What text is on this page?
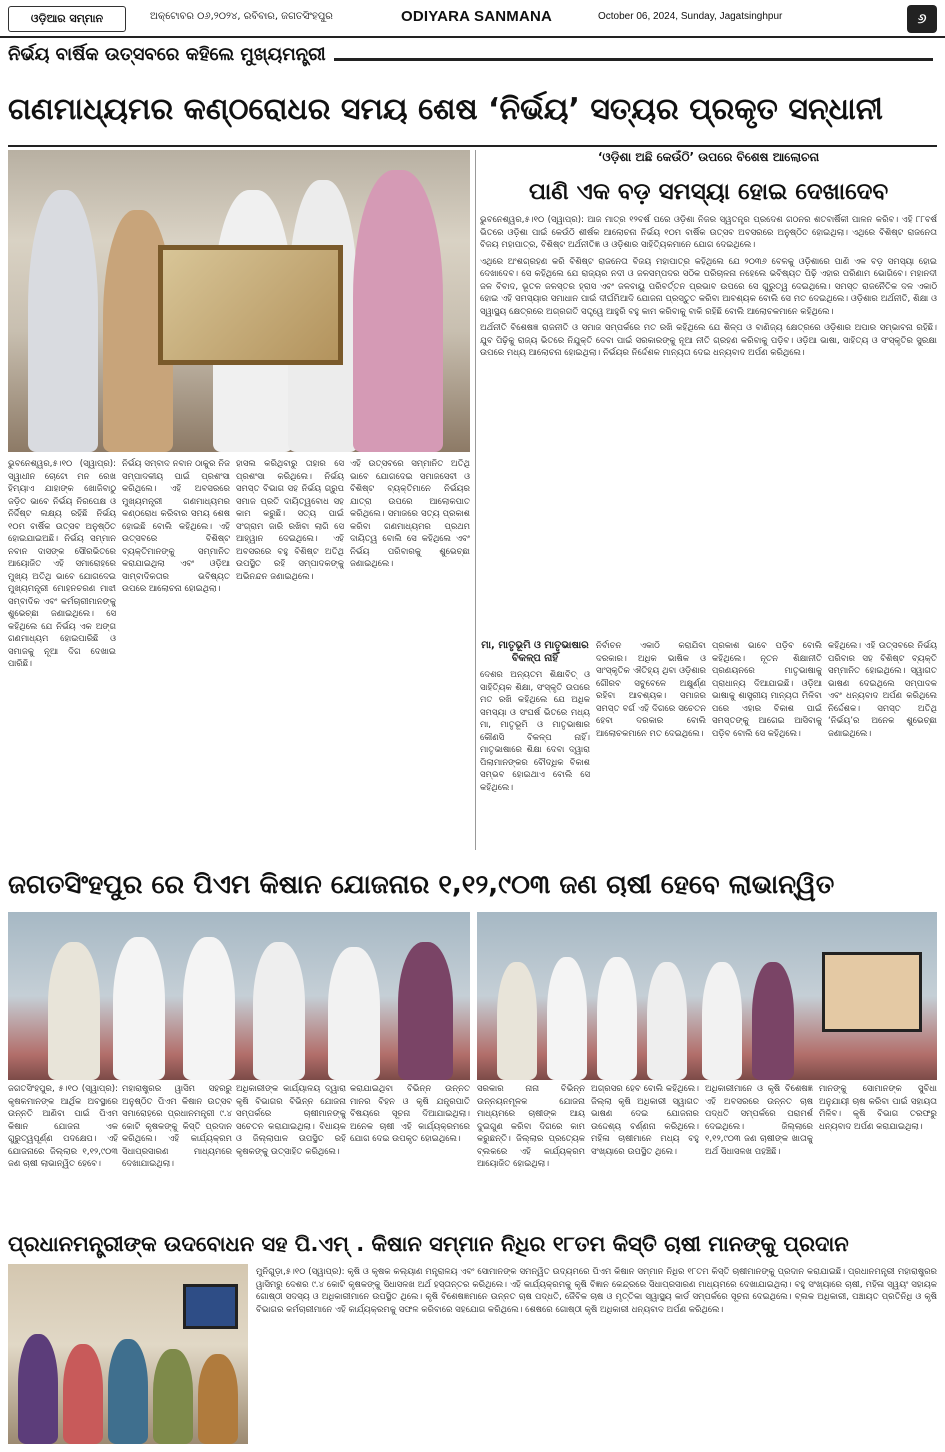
ଓଡ଼ିଆର ସମ୍ମାନ	ଅକ୍ଟୋବର ୦୬,୨୦୨୪, ରବିବାର, ଜଗତସିଂହପୁର	ODIYARA SANMANA	October 06, 2024, Sunday, Jagatsinghpur	୬
ନିର୍ଭୟ ବାର୍ଷିକ ଉତ୍ସବରେ କହିଲେ ମୁଖ୍ୟମନ୍ତ୍ରୀ
ଗଣମାଧ୍ୟମର କଣ୍ଠରୋଧର ସମୟ ଶେଷ ‘ନିର୍ଭୟ’ ସତ୍ୟର ପ୍ରକୃତ ସନ୍ଧାନୀ
ଭୁବନେଶ୍ୱର,୫।୧୦ (ସ୍ୱାପ୍ର): ସ୍ୱାଧୀନ ଚୋଟୋ ମନ ରେଖ ହିମ୍ୟାଏ ଯାହାଙ୍କ ଖୋଜିବାଠୁ ଜଡ଼ିତ ଭାବେ ନିର୍ଭୟ ନିରପେକ୍ଷ ଓ ନିର୍ଦ୍ଦିଷ୍ଟ ଲକ୍ଷ୍ୟ ରହିଛି ନିର୍ଭୟ ୧୦ମ ବାର୍ଷିକ ଉତ୍ସବ ଅନୁଷ୍ଠିତ ହୋଇଯାଇଅଛି। ନିର୍ଭୟ ସମ୍ମାନ ନବାନ ଦାସଙ୍କ ସୌରଭିତରେ ଆୟୋଜିତ ଏହି ସମାରୋହରେ ମୁଖ୍ୟ ଅତିଥି ଭାବେ ଯୋଗଦେଇ ମୁଖ୍ୟମନ୍ତ୍ରୀ ମୋହନଚରଣ ମାଝୀ ସମ୍ବାଦିକ ଏବଂ କର୍ମଚାରୀମାନଙ୍କୁ ଶୁଭେଚ୍ଛା ଜଣାଇଥିଲେ। ସେ କହିଥିଲେ ଯେ ନିର୍ଭୟ ଏକ ଅଙ୍ଗ ଗଣମାଧ୍ୟମ ହୋଇପାରିଛି ଓ ସମାଜକୁ ନୂଆ ଦିଗ ଦେଖାଇ ପାରିଛି।
ନିର୍ଭୟ ସମ୍ବାଦ ନବାନ ଠାକୁର ନିଜ ସମ୍ପାଦକୀୟ ପାଇଁ ପ୍ରଶଂସା କରିଥିଲେ। ଏହି ଅବସରରେ ମୁଖ୍ୟମନ୍ତ୍ରୀ ଗଣମାଧ୍ୟମର କଣ୍ଠରୋଧ କରିବାର ସମୟ ଶେଷ ହୋଇଛି ବୋଲି କହିଥିଲେ। ଏହି ଉତ୍ସବରେ ବିଶିଷ୍ଟ ବ୍ୟକ୍ତିମାନଙ୍କୁ ସମ୍ମାନିତ କରାଯାଇଥିଲା ଏବଂ ଓଡ଼ିଆ ସାମ୍ବାଦିକତାର ଭବିଷ୍ୟତ ଉପରେ ଆଲୋଚନା ହୋଇଥିଲା।
ହାସଲ କରିଥିବାରୁ ତାହାର ସେ ପ୍ରଶଂସା କରିଥିଲେ। ନିର୍ଭୟ ସମସ୍ତ ବିଭାଗ ସହ ନିର୍ଭୟ ଗ୍ରୁପ ସମାଜ ପ୍ରତି ଦାୟିତ୍ୱବୋଧ ସହ କାମ କରୁଛି। ସତ୍ୟ ପାଇଁ ସଂଗ୍ରାମ ଜାରି ରଖିବା ଲାଗି ସେ ଆହ୍ୱାନ ଦେଇଥିଲେ। ଏହି ଅବସରରେ ବହୁ ବିଶିଷ୍ଟ ଅତିଥି ଉପସ୍ଥିତ ରହି ସମ୍ପାଦକଙ୍କୁ ଅଭିନନ୍ଦନ ଜଣାଇଥିଲେ।
ଏହି ଉତ୍ସବରେ ସମ୍ମାନିତ ଅତିଥି ଭାବେ ଯୋଗଦେଇ ସମାଜସେବୀ ଓ ବିଶିଷ୍ଟ ବ୍ୟକ୍ତିମାନେ ନିର୍ଭୟର ଯାତ୍ରା ଉପରେ ଆଲୋକପାତ କରିଥିଲେ। ସମାଜରେ ସତ୍ୟ ପ୍ରକାଶ କରିବା ଗଣମାଧ୍ୟମର ପ୍ରଥମ ଦାୟିତ୍ୱ ବୋଲି ସେ କହିଥିଲେ ଏବଂ ନିର୍ଭୟ ପରିବାରକୁ ଶୁଭେଚ୍ଛା ଜଣାଇଥିଲେ।
‘ଓଡ଼ିଶା ଅଛି କେଉଁଠି’ ଉପରେ ବିଶେଷ ଆଲୋଚନା
ପାଣି ଏକ ବଡ଼ ସମସ୍ୟା ହୋଇ ଦେଖାଦେବ

ଭୁବନେଶ୍ୱର,୫।୧୦ (ସ୍ୱାପ୍ର): ଆଜ ମାତ୍ର ୧୨ବର୍ଷ ପରେ ଓଡ଼ିଶା ନିଜର ସ୍ୱତନ୍ତ୍ର ପ୍ରଦେଶ ଗଠନର ଶତବାର୍ଷିକୀ ପାଳନ କରିବ। ଏହି ୮୮ବର୍ଷ ଭିତରେ ଓଡ଼ିଶା ପାଇଁ କେଉଁଠି ଶୀର୍ଷକ ଆଲୋଚନା ନିର୍ଭୟ ୧୦ମ ବାର୍ଷିକ ଉତ୍ସବ ଅବସରରେ ଅନୁଷ୍ଠିତ ହୋଇଥିଲା। ଏଥିରେ ବିଶିଷ୍ଟ ରାଜନେତା ବିଜୟ ମହାପାତ୍ର, ବିଶିଷ୍ଟ ଅର୍ଥନୀତିଜ୍ଞ ଓ ଓଡ଼ିଶାର ସାହିତ୍ୟିକମାନେ ଯୋଗ ଦେଇଥିଲେ।

ଏଥିରେ ଅଂଶଗ୍ରହଣ କରି ବିଶିଷ୍ଟ ରାଜନେତା ବିଜୟ ମହାପାତ୍ର କହିଥିଲେ ଯେ ୨୦୩୬ ବେଳକୁ ଓଡ଼ିଶାରେ ପାଣି ଏକ ବଡ଼ ସମସ୍ୟା ହୋଇ ଦେଖାଦେବ। ସେ କହିଥିଲେ ଯେ ରାଜ୍ୟର ନଦୀ ଓ ଜଳସମ୍ପଦର ସଠିକ ପରିଚାଳନା ନହେଲେ ଭବିଷ୍ୟତ ପିଢ଼ି ଏହାର ପରିଣାମ ଭୋଗିବେ। ମହାନଦୀ ଜଳ ବିବାଦ, ଭୂତଳ ଜଳସ୍ତର ହ୍ରାସ ଏବଂ ଜଳବାୟୁ ପରିବର୍ତ୍ତନ ପ୍ରଭାବ ଉପରେ ସେ ଗୁରୁତ୍ୱ ଦେଇଥିଲେ। ସମସ୍ତ ରାଜନୈତିକ ଦଳ ଏକାଠି ହୋଇ ଏହି ସମସ୍ୟାର ସମାଧାନ ପାଇଁ ଦୀର୍ଘମିଆଦି ଯୋଜନା ପ୍ରସ୍ତୁତ କରିବା ଆବଶ୍ୟକ ବୋଲି ସେ ମତ ଦେଇଥିଲେ। ଓଡ଼ିଶାର ଅର୍ଥନୀତି, ଶିକ୍ଷା ଓ ସ୍ୱାସ୍ଥ୍ୟ କ୍ଷେତ୍ରରେ ଅଗ୍ରଗତି ସତ୍ତ୍ୱେ ଆହୁରି ବହୁ କାମ କରିବାକୁ ବାକି ରହିଛି ବୋଲି ଆଲୋଚକମାନେ କହିଥିଲେ।

ଅର୍ଥନୀତି ବିଶେଷଜ୍ଞ ରାଜନୀତି ଓ ସମାଜ ସମ୍ପର୍କରେ ମତ ରଖି କହିଥିଲେ ଯେ ଶିଳ୍ପ ଓ ବାଣିଜ୍ୟ କ୍ଷେତ୍ରରେ ଓଡ଼ିଶାର ଅପାର ସମ୍ଭାବନା ରହିଛି। ଯୁବ ପିଢ଼ିକୁ ରାଜ୍ୟ ଭିତରେ ନିଯୁକ୍ତି ଦେବା ପାଇଁ ସରକାରଙ୍କୁ ନୂଆ ନୀତି ଗ୍ରହଣ କରିବାକୁ ପଡ଼ିବ। ଓଡ଼ିଆ ଭାଷା, ସାହିତ୍ୟ ଓ ସଂସ୍କୃତିର ସୁରକ୍ଷା ଉପରେ ମଧ୍ୟ ଆଲୋଚନା ହୋଇଥିଲା। ନିର୍ଭୟର ନିର୍ଦ୍ଦେଶକ ମାନ୍ୟତା ଦେଇ ଧନ୍ୟବାଦ ଅର୍ପଣ କରିଥିଲେ।

ମା, ମାତୃଭୂମି ଓ ମାତୃଭାଷାର ବିକଳ୍ପ ନାହିଁ
ଦେଶର ଅନ୍ୟତମ ଶିକ୍ଷାବିତ୍ ଓ ସାହିତ୍ୟିକ ଶିକ୍ଷା, ସଂସ୍କୃତି ଉପରେ ମତ ରଖି କହିଥିଲେ ଯେ ଅଧିକ ସମସ୍ୟା ଓ ସଂଘର୍ଷ ଭିତରେ ମଧ୍ୟ ମା, ମାତୃଭୂମି ଓ ମାତୃଭାଷାର କୌଣସି ବିକଳ୍ପ ନାହିଁ। ମାତୃଭାଷାରେ ଶିକ୍ଷା ଦେବା ଦ୍ୱାରା ପିଲାମାନଙ୍କର ବୌଦ୍ଧିକ ବିକାଶ ସମ୍ଭବ ହୋଇଥାଏ ବୋଲି ସେ କହିଥିଲେ।
ନିର୍ବାଚନ ଏକାଠି କରାଯିବା ଦରକାର। ଅଧିକ ଭାଷିକ ଓ ସାଂସ୍କୃତିକ ଐତିହ୍ୟ ଥିବା ଓଡ଼ିଶାର ଗୌରବ ସବୁବେଳେ ଅକ୍ଷୁର୍ଣ୍ଣ ରହିବା ଆବଶ୍ୟକ। ସମାଜର ସମସ୍ତ ବର୍ଗ ଏହି ଦିଗରେ ସଚେତନ ହେବା ଦରକାର ବୋଲି ଆଲୋଚକମାନେ ମତ ଦେଇଥିଲେ।
ପ୍ରକାଶ ଭାବେ ପଡ଼ିବ ବୋଲି କହିଥିଲେ। ନୂତନ ଶିକ୍ଷାନୀତି ପ୍ରଣୟନରେ ମାତୃଭାଷାକୁ ପ୍ରାଧାନ୍ୟ ଦିଆଯାଇଛି। ଓଡ଼ିଆ ଭାଷାକୁ ଶାସ୍ତ୍ରୀୟ ମାନ୍ୟତା ମିଳିବା ପରେ ଏହାର ବିକାଶ ପାଇଁ ସମସ୍ତଙ୍କୁ ଆଗେଇ ଆସିବାକୁ ପଡ଼ିବ ବୋଲି ସେ କହିଥିଲେ।
କହିଥିଲେ। ଏହି ଉତ୍ସବରେ ନିର୍ଭୟ ପରିବାର ସହ ବିଶିଷ୍ଟ ବ୍ୟକ୍ତି ସମ୍ମାନିତ ହୋଇଥିଲେ। ସ୍ୱାଗତ ଭାଷଣ ଦେଇଥିଲେ ସମ୍ପାଦକ ଏବଂ ଧନ୍ୟବାଦ ଅର୍ପଣ କରିଥିଲେ ନିର୍ଦ୍ଦେଶକ। ସମସ୍ତ ଅତିଥି ‘ନିର୍ଭୟ’ର ଅନେକ ଶୁଭେଚ୍ଛା ଜଣାଇଥିଲେ।
ଜଗତସିଂହପୁର ରେ ପିଏମ କିଷାନ ଯୋଜନାର ୧,୧୨,୯୦୩ ଜଣ ଚାଷୀ ହେବେ ଲାଭାନ୍ୱିତ
ଜଗତସିଂହପୁର, ୫।୧୦ (ସ୍ୱାପ୍ର): କୃଷକମାନଙ୍କ ଆର୍ଥିକ ଅବସ୍ଥାରେ ଉନ୍ନତି ଆଣିବା ପାଇଁ ପିଏମ କିଷାନ ଯୋଜନା ଏକ ଗୁରୁତ୍ୱପୂର୍ଣ୍ଣ ପଦକ୍ଷେପ। ଏହି ଯୋଜନାରେ ଜିଲ୍ଲାର ୧,୧୨,୯୦୩ ଜଣ ଚାଷୀ ଲାଭାନ୍ୱିତ ହେବେ।
ମହାରାଷ୍ଟ୍ରର ୱାସିମ ସହରରୁ ଅନୁଷ୍ଠିତ ପିଏମ କିଷାନ ଉତ୍ସବ ସମାରୋହରେ ପ୍ରଧାନମନ୍ତ୍ରୀ ୯.୪ କୋଟି କୃଷକଙ୍କୁ କିସ୍ତି ପ୍ରଦାନ କରିଥିଲେ। ଏହି କାର୍ଯ୍ୟକ୍ରମ ସିଧାପ୍ରସାରଣ ମାଧ୍ୟମରେ ଦେଖାଯାଇଥିଲା।
ଅଧିକାରୀଙ୍କ କାର୍ଯ୍ୟାଳୟ ଦ୍ୱାରା କୃଷି ବିଭାଗର ବିଭିନ୍ନ ଯୋଜନା ସମ୍ପର୍କରେ ଚାଷୀମାନଙ୍କୁ ସଚେତନ କରାଯାଇଥିଲା। ବିଧାୟକ ଓ ଜିଲ୍ଲାପାଳ ଉପସ୍ଥିତ ରହି କୃଷକଙ୍କୁ ଉତ୍ସାହିତ କରିଥିଲେ।
କରାଯାଇଥିବା ବିଭିନ୍ନ ଉନ୍ନତ ମାନର ବିହନ ଓ କୃଷି ଯନ୍ତ୍ରପାତି ବିଷୟରେ ସୂଚନା ଦିଆଯାଇଥିଲା। ଅନେକ ଚାଷୀ ଏହି କାର୍ଯ୍ୟକ୍ରମରେ ଯୋଗ ଦେଇ ଉପକୃତ ହୋଇଥିଲେ।
ସରକାର ନାନା ବିଭିନ୍ନ ଉନ୍ନୟନମୂଳକ ଯୋଜନା ମାଧ୍ୟମରେ ଚାଷୀଙ୍କ ଆୟ ଦୁଇଗୁଣ କରିବା ଦିଗରେ କାମ କରୁଛନ୍ତି। ଜିଲ୍ଲାର ପ୍ରତ୍ୟେକ ବ୍ଲକରେ ଏହି କାର୍ଯ୍ୟକ୍ରମ ଆୟୋଜିତ ହୋଇଥିଲା।
ଅଗ୍ରସର ହେବ ବୋଲି କହିଥିଲେ। ଜିଲ୍ଲା କୃଷି ଅଧିକାରୀ ସ୍ୱାଗତ ଭାଷଣ ଦେଇ ଯୋଜନାର ଉଦ୍ଦେଶ୍ୟ ବର୍ଣ୍ଣନା କରିଥିଲେ। ମହିଳା ଚାଷୀମାନେ ମଧ୍ୟ ବହୁ ସଂଖ୍ୟାରେ ଉପସ୍ଥିତ ଥିଲେ।
ଅଧିକାରୀମାନେ ଓ କୃଷି ବିଶେଷଜ୍ଞ ଏହି ଅବସରରେ ଉନ୍ନତ ଚାଷ ପଦ୍ଧତି ସମ୍ପର୍କରେ ପରାମର୍ଶ ଦେଇଥିଲେ। ଜିଲ୍ଲାରେ ୧,୧୨,୯୦୩ ଜଣ ଚାଷୀଙ୍କ ଖାତାକୁ ଅର୍ଥ ସିଧାସଳଖ ପହଞ୍ଚିଛି।
ମାନଙ୍କୁ ସୋମାନଙ୍କ ସୁବିଧା ଅନୁଯାୟୀ ଚାଷ କରିବା ପାଇଁ ସହାୟତା ମିଳିବ। କୃଷି ବିଭାଗ ତରଫରୁ ଧନ୍ୟବାଦ ଅର୍ପଣ କରାଯାଇଥିଲା।
ପ୍ରଧାନମନ୍ତ୍ରୀଙ୍କ ଉଦବୋଧନ ସହ ପି.ଏମ୍ . କିଷାନ ସମ୍ମାନ ନିଧିର ୧୮ତମ କିସ୍ତି ଚାଷୀ ମାନଙ୍କୁ ପ୍ରଦାନ
ମୁନିଗୁଡ଼ା,୫।୧୦ (ସ୍ୱାପ୍ର): କୃଷି ଓ କୃଷକ କଲ୍ୟାଣ ମନ୍ତ୍ରାଳୟ ଏବଂ ସୋମାନଙ୍କ ସମନ୍ୱିତ ଉଦ୍ୟମରେ ପିଏମ କିଷାନ ସମ୍ମାନ ନିଧିର ୧୮ତମ କିସ୍ତି ଚାଷୀମାନଙ୍କୁ ପ୍ରଦାନ କରାଯାଇଛି। ପ୍ରଧାନମନ୍ତ୍ରୀ ମହାରାଷ୍ଟ୍ରର ୱାସିମରୁ ଦେଶର ୯.୪ କୋଟି କୃଷକଙ୍କୁ ସିଧାସଳଖ ଅର୍ଥ ହସ୍ତାନ୍ତର କରିଥିଲେ। ଏହି କାର୍ଯ୍ୟକ୍ରମକୁ କୃଷି ବିଜ୍ଞାନ କେନ୍ଦ୍ରରେ ସିଧାପ୍ରସାରଣ ମାଧ୍ୟମରେ ଦେଖାଯାଇଥିଲା। ବହୁ ସଂଖ୍ୟାରେ ଚାଷୀ, ମହିଳା ସ୍ୱୟଂ ସହାୟକ ଗୋଷ୍ଠୀ ସଦସ୍ୟ ଓ ଅଧିକାରୀମାନେ ଉପସ୍ଥିତ ଥିଲେ। କୃଷି ବିଶେଷଜ୍ଞମାନେ ଉନ୍ନତ ଚାଷ ପଦ୍ଧତି, ଜୈବିକ ଚାଷ ଓ ମୃତ୍ତିକା ସ୍ୱାସ୍ଥ୍ୟ କାର୍ଡ ସମ୍ପର୍କରେ ସୂଚନା ଦେଇଥିଲେ। ବ୍ଲକ ଅଧିକାରୀ, ପଞ୍ଚାୟତ ପ୍ରତିନିଧି ଓ କୃଷି ବିଭାଗର କର୍ମଚାରୀମାନେ ଏହି କାର୍ଯ୍ୟକ୍ରମକୁ ସଫଳ କରିବାରେ ସହଯୋଗ କରିଥିଲେ। ଶେଷରେ ଗୋଷ୍ଠୀ କୃଷି ଅଧିକାରୀ ଧନ୍ୟବାଦ ଅର୍ପଣ କରିଥିଲେ।
